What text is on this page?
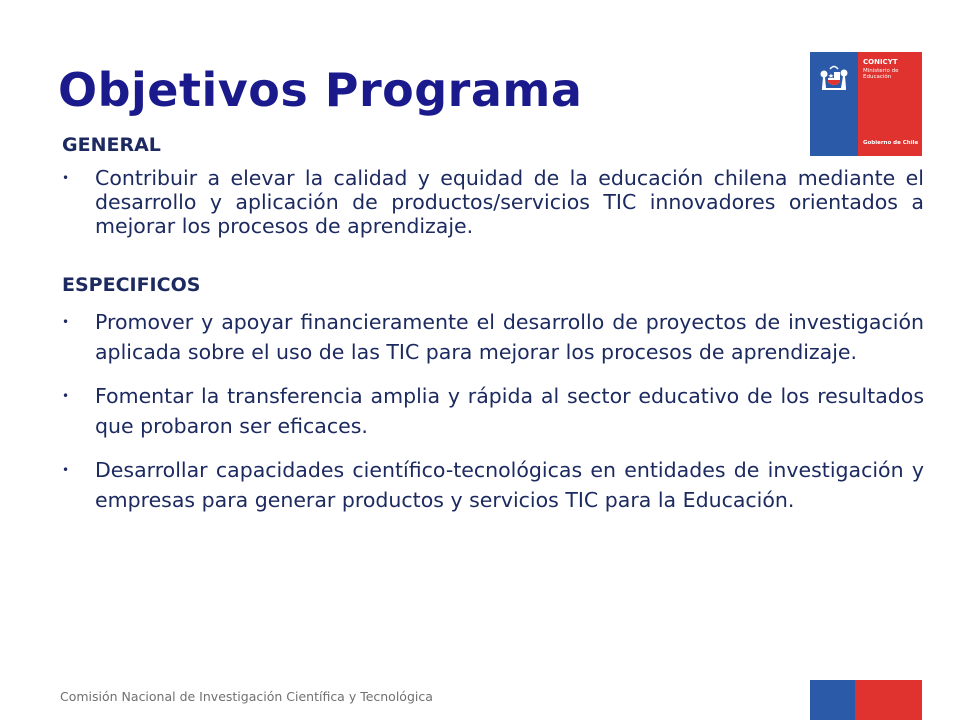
Objetivos Programa
CONICYT
Ministerio de Educación
Gobierno de Chile
GENERAL
• Contribuir a elevar la calidad y equidad de la educación chilena mediante el desarrollo y aplicación de productos/servicios TIC innovadores orientados a mejorar los procesos de aprendizaje.
ESPECIFICOS
• Promover y apoyar financieramente el desarrollo de proyectos de investigación aplicada sobre el uso de las TIC para mejorar los procesos de aprendizaje.
• Fomentar la transferencia amplia y rápida al sector educativo de los resultados que probaron ser eficaces.
• Desarrollar capacidades científico-tecnológicas en entidades de investigación y empresas para generar productos y servicios TIC para la Educación.
Comisión Nacional de Investigación Científica y Tecnológica
